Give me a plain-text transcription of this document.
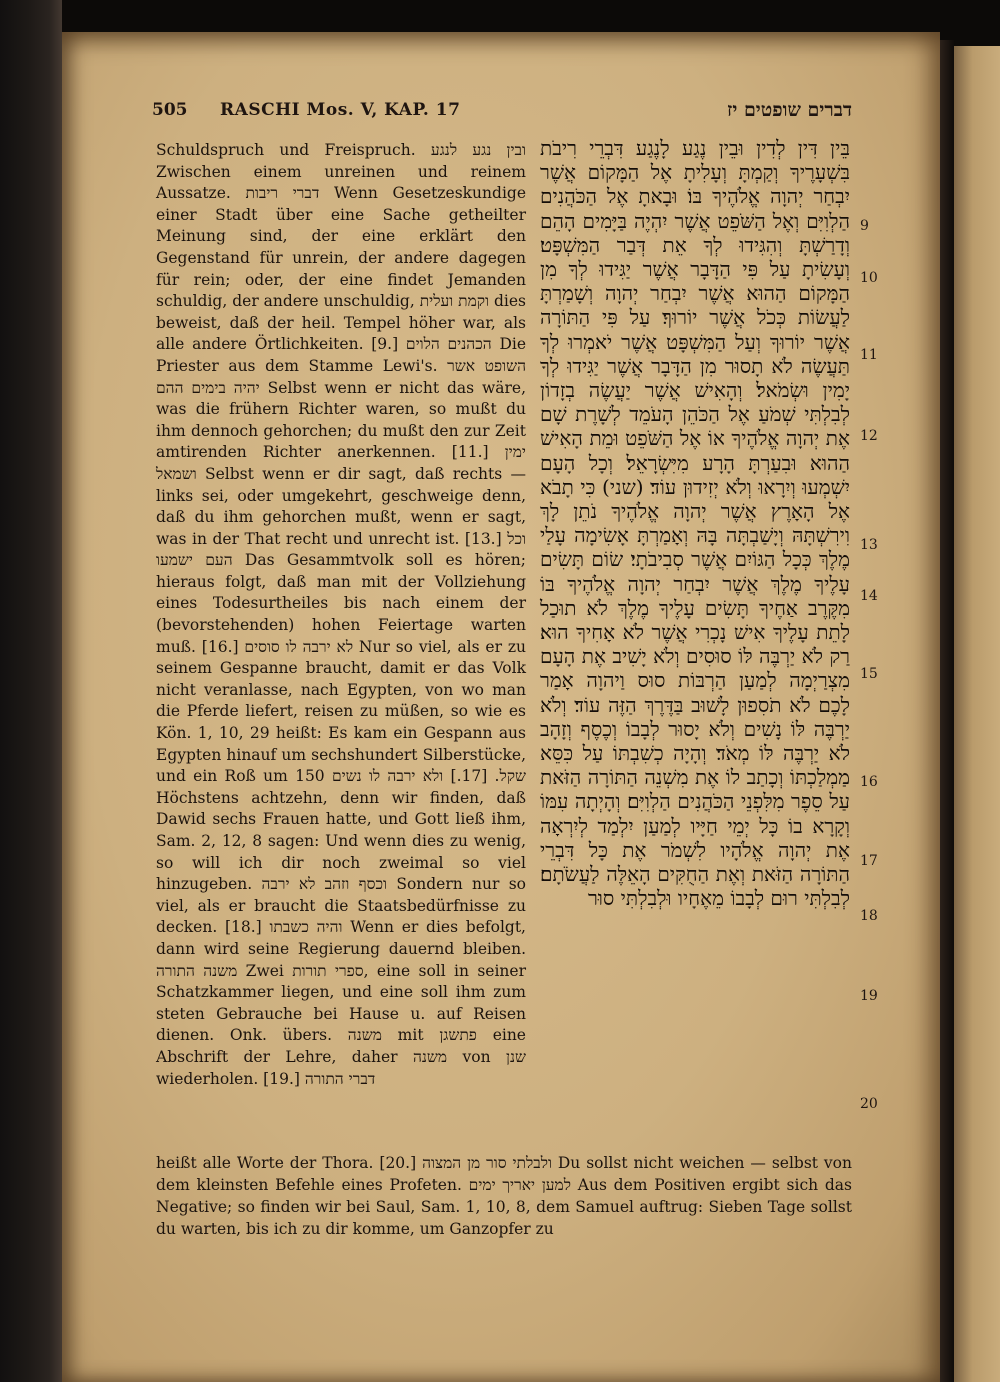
505 RASCHI Mos. V, KAP. 17	דברים שופטים יז

Schuldspruch und Freispruch. ובין נגע לנגע Zwischen einem unreinen und reinem Aussatze. דברי ריבות Wenn Gesetzeskundige einer Stadt über eine Sache getheilter Meinung sind, der eine erklärt den Gegenstand für unrein, der andere dagegen für rein; oder, der eine findet Jemanden schuldig, der andere unschuldig, וקמת ועלית dies beweist, daß der heil. Tempel höher war, als alle andere Örtlichkeiten. [9.] הכהנים הלוים Die Priester aus dem Stamme Lewi's. השופט אשר יהיה בימים ההם Selbst wenn er nicht das wäre, was die frühern Richter waren, so mußt du ihm dennoch gehorchen; du mußt den zur Zeit amtirenden Richter anerkennen. [11.] ימין ושמאל Selbst wenn er dir sagt, daß rechts — links sei, oder umgekehrt, geschweige denn, daß du ihm gehorchen mußt, wenn er sagt, was in der That recht und unrecht ist. [13.] וכל העם ישמעו Das Gesammtvolk soll es hören; hieraus folgt, daß man mit der Vollziehung eines Todesurtheiles bis nach einem der (bevorstehenden) hohen Feiertage warten muß. [16.] לא ירבה לו סוסים Nur so viel, als er zu seinem Gespanne braucht, damit er das Volk nicht veranlasse, nach Egypten, von wo man die Pferde liefert, reisen zu müßen, so wie es Kön. 1, 10, 29 heißt: Es kam ein Gespann aus Egypten hinauf um sechshundert Silberstücke, und ein Roß um 150 שקל. [17.] ולא ירבה לו נשים Höchstens achtzehn, denn wir finden, daß Dawid sechs Frauen hatte, und Gott ließ ihm, Sam. 2, 12, 8 sagen: Und wenn dies zu wenig, so will ich dir noch zweimal so viel hinzugeben. וכסף וזהב לא ירבה Sondern nur so viel, als er braucht die Staatsbedürfnisse zu decken. [18.] והיה כשבתו Wenn er dies befolgt, dann wird seine Regierung dauernd bleiben. משנה התורה Zwei ספרי תורות, eine soll in seiner Schatzkammer liegen, und eine soll ihm zum steten Gebrauche bei Hause u. auf Reisen dienen. Onk. übers. משנה mit פתשגן eine Abschrift der Lehre, daher משנה von שנן wiederholen. [19.] דברי התורה

בֵּין דִּין לְדִין וּבֵין נֶגַע לָנֶגַע דִּבְרֵי רִיבֹת בִּשְׁעָרֶיךָ וְקַמְתָּ וְעָלִיתָ אֶל הַמָּקוֹם אֲשֶׁר יִבְחַר יְהוָה אֱלֹהֶיךָ בּוֹ׃ וּבָאתָ אֶל הַכֹּהֲנִים הַלְוִיִּם וְאֶל הַשֹּׁפֵט אֲשֶׁר יִהְיֶה בַּיָּמִים הָהֵם וְדָרַשְׁתָּ וְהִגִּידוּ לְךָ אֵת דְּבַר הַמִּשְׁפָּט׃ וְעָשִׂיתָ עַל פִּי הַדָּבָר אֲשֶׁר יַגִּידוּ לְךָ מִן הַמָּקוֹם הַהוּא אֲשֶׁר יִבְחַר יְהוָה וְשָׁמַרְתָּ לַעֲשׂוֹת כְּכֹל אֲשֶׁר יוֹרוּךָ׃ עַל פִּי הַתּוֹרָה אֲשֶׁר יוֹרוּךָ וְעַל הַמִּשְׁפָּט אֲשֶׁר יֹאמְרוּ לְךָ תַּעֲשֶׂה לֹא תָסוּר מִן הַדָּבָר אֲשֶׁר יַגִּידוּ לְךָ יָמִין וּשְׂמֹאל׃ וְהָאִישׁ אֲשֶׁר יַעֲשֶׂה בְזָדוֹן לְבִלְתִּי שְׁמֹעַ אֶל הַכֹּהֵן הָעֹמֵד לְשָׁרֶת שָׁם אֶת יְהוָה אֱלֹהֶיךָ אוֹ אֶל הַשֹּׁפֵט וּמֵת הָאִישׁ הַהוּא וּבִעַרְתָּ הָרָע מִיִּשְׂרָאֵל׃ וְכָל הָעָם יִשְׁמְעוּ וְיִרָאוּ וְלֹא יְזִידוּן עוֹד׃ (שני) כִּי תָבֹא אֶל הָאָרֶץ אֲשֶׁר יְהוָה אֱלֹהֶיךָ נֹתֵן לָךְ וִירִשְׁתָּהּ וְיָשַׁבְתָּה בָּהּ וְאָמַרְתָּ אָשִׂימָה עָלַי מֶלֶךְ כְּכָל הַגּוֹיִם אֲשֶׁר סְבִיבֹתָי׃ שׂוֹם תָּשִׂים עָלֶיךָ מֶלֶךְ אֲשֶׁר יִבְחַר יְהוָה אֱלֹהֶיךָ בּוֹ מִקֶּרֶב אַחֶיךָ תָּשִׂים עָלֶיךָ מֶלֶךְ לֹא תוּכַל לָתֵת עָלֶיךָ אִישׁ נָכְרִי אֲשֶׁר לֹא אָחִיךָ הוּא׃ רַק לֹא יַרְבֶּה לּוֹ סוּסִים וְלֹא יָשִׁיב אֶת הָעָם מִצְרַיְמָה לְמַעַן הַרְבּוֹת סוּס וַיהוָה אָמַר לָכֶם לֹא תֹסִפוּן לָשׁוּב בַּדֶּרֶךְ הַזֶּה עוֹד׃ וְלֹא יַרְבֶּה לּוֹ נָשִׁים וְלֹא יָסוּר לְבָבוֹ וְכֶסֶף וְזָהָב לֹא יַרְבֶּה לּוֹ מְאֹד׃ וְהָיָה כְשִׁבְתּוֹ עַל כִּסֵּא מַמְלַכְתּוֹ וְכָתַב לוֹ אֶת מִשְׁנֵה הַתּוֹרָה הַזֹּאת עַל סֵפֶר מִלִּפְנֵי הַכֹּהֲנִים הַלְוִיִּם׃ וְהָיְתָה עִמּוֹ וְקָרָא בוֹ כָּל יְמֵי חַיָּיו לְמַעַן יִלְמַד לְיִרְאָה אֶת יְהוָה אֱלֹהָיו לִשְׁמֹר אֶת כָּל דִּבְרֵי הַתּוֹרָה הַזֹּאת וְאֶת הַחֻקִּים הָאֵלֶּה לַעֲשֹׂתָם׃ לְבִלְתִּי רוּם לְבָבוֹ מֵאֶחָיו וּלְבִלְתִּי סוּר

9
10
11
12
13
14
15
16
17
18
19
20

heißt alle Worte der Thora. [20.] ולבלתי סור מן המצוה Du sollst nicht weichen — selbst von dem kleinsten Befehle eines Profeten. למען יאריך ימים Aus dem Positiven ergibt sich das Negative; so finden wir bei Saul, Sam. 1, 10, 8, dem Samuel auftrug: Sieben Tage sollst du warten, bis ich zu dir komme, um Ganzopfer zu
